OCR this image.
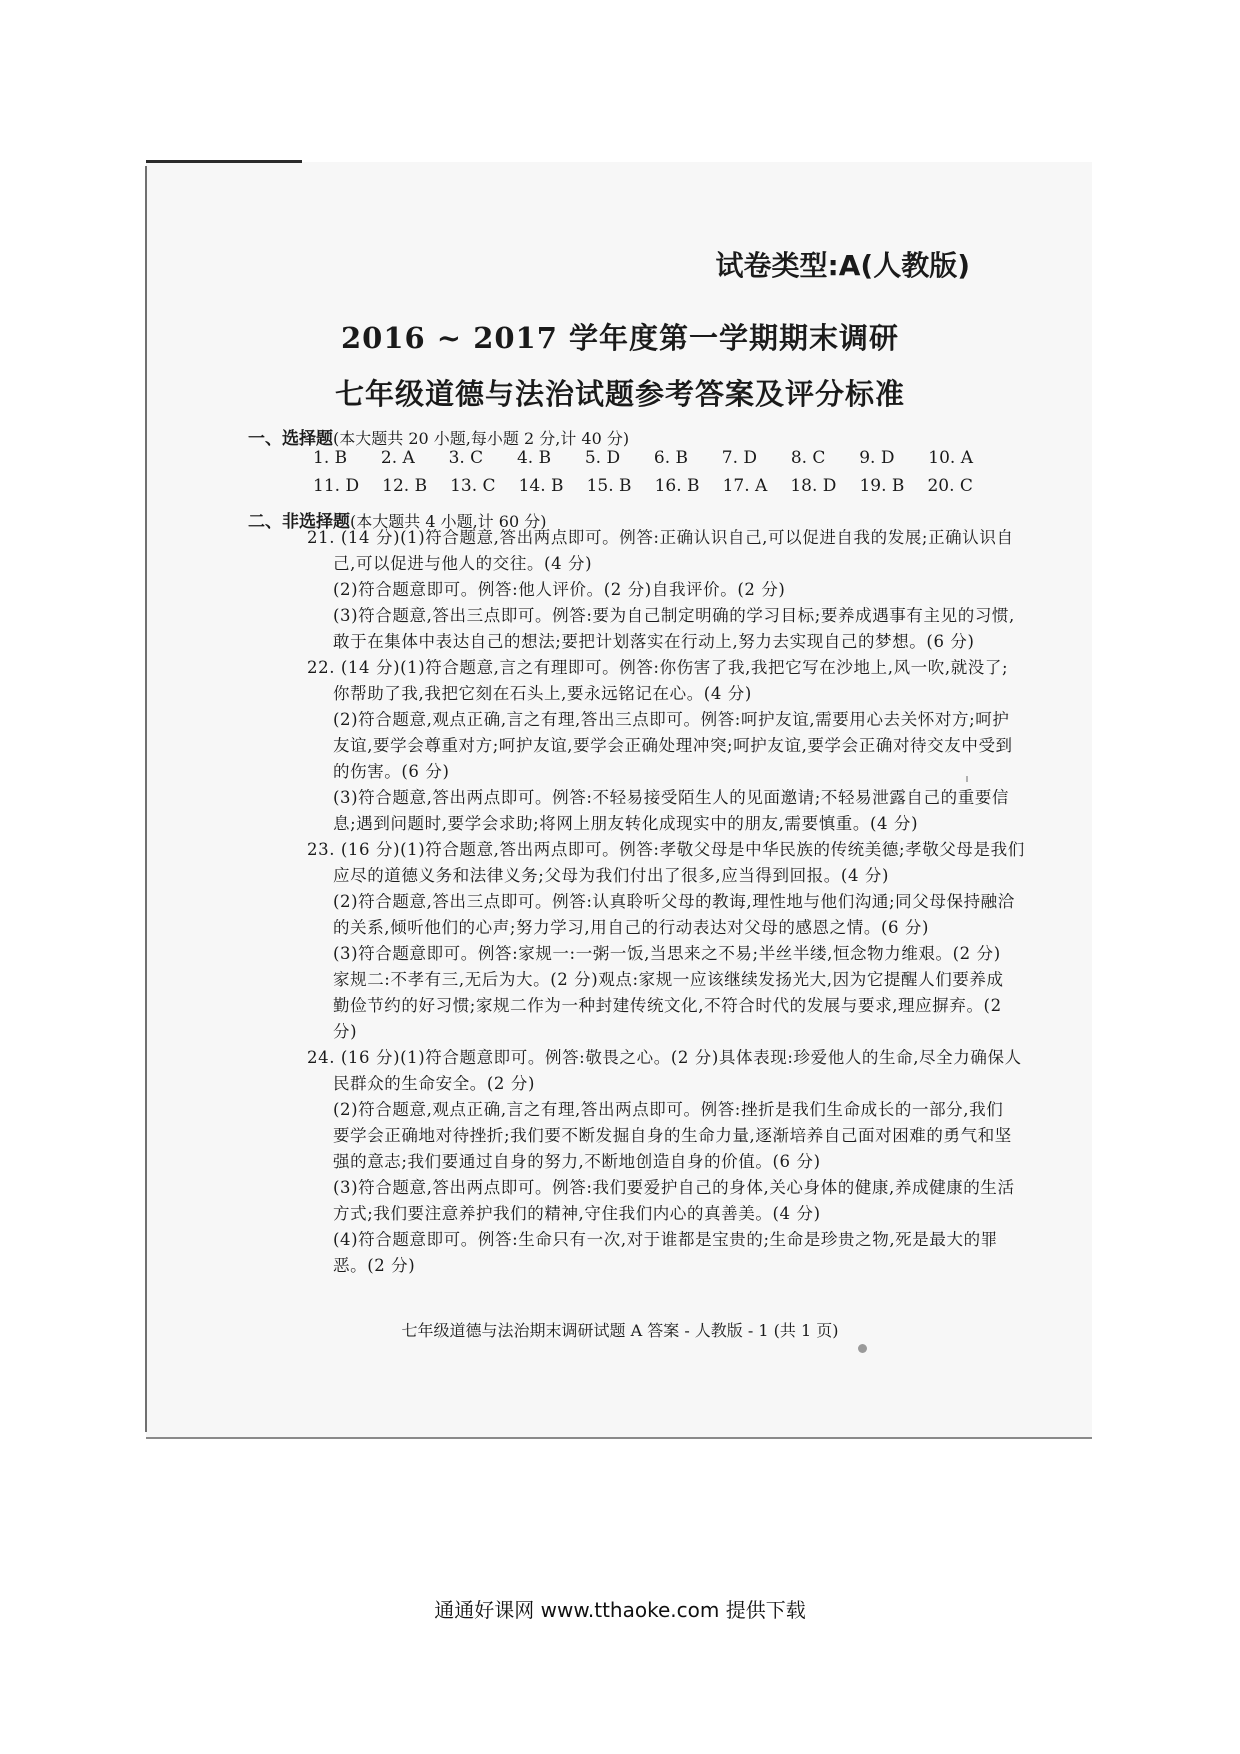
试卷类型:A(人教版)
2016 ~ 2017 学年度第一学期期末调研
七年级道德与法治试题参考答案及评分标准
一、选择题(本大题共 20 小题,每小题 2 分,计 40 分)
1. B 2. A 3. C 4. B 5. D 6. B 7. D 8. C 9. D 10. A
11. D 12. B 13. C 14. B 15. B 16. B 17. A 18. D 19. B 20. C
二、非选择题(本大题共 4 小题,计 60 分)
21. (14 分)(1)符合题意,答出两点即可。例答:正确认识自己,可以促进自我的发展;正确认识自
己,可以促进与他人的交往。(4 分)
(2)符合题意即可。例答:他人评价。(2 分)自我评价。(2 分)
(3)符合题意,答出三点即可。例答:要为自己制定明确的学习目标;要养成遇事有主见的习惯,
敢于在集体中表达自己的想法;要把计划落实在行动上,努力去实现自己的梦想。(6 分)
22. (14 分)(1)符合题意,言之有理即可。例答:你伤害了我,我把它写在沙地上,风一吹,就没了;
你帮助了我,我把它刻在石头上,要永远铭记在心。(4 分)
(2)符合题意,观点正确,言之有理,答出三点即可。例答:呵护友谊,需要用心去关怀对方;呵护
友谊,要学会尊重对方;呵护友谊,要学会正确处理冲突;呵护友谊,要学会正确对待交友中受到
的伤害。(6 分)
(3)符合题意,答出两点即可。例答:不轻易接受陌生人的见面邀请;不轻易泄露自己的重要信
息;遇到问题时,要学会求助;将网上朋友转化成现实中的朋友,需要慎重。(4 分)
23. (16 分)(1)符合题意,答出两点即可。例答:孝敬父母是中华民族的传统美德;孝敬父母是我们
应尽的道德义务和法律义务;父母为我们付出了很多,应当得到回报。(4 分)
(2)符合题意,答出三点即可。例答:认真聆听父母的教诲,理性地与他们沟通;同父母保持融洽
的关系,倾听他们的心声;努力学习,用自己的行动表达对父母的感恩之情。(6 分)
(3)符合题意即可。例答:家规一:一粥一饭,当思来之不易;半丝半缕,恒念物力维艰。(2 分)
家规二:不孝有三,无后为大。(2 分)观点:家规一应该继续发扬光大,因为它提醒人们要养成
勤俭节约的好习惯;家规二作为一种封建传统文化,不符合时代的发展与要求,理应摒弃。(2
分)
24. (16 分)(1)符合题意即可。例答:敬畏之心。(2 分)具体表现:珍爱他人的生命,尽全力确保人
民群众的生命安全。(2 分)
(2)符合题意,观点正确,言之有理,答出两点即可。例答:挫折是我们生命成长的一部分,我们
要学会正确地对待挫折;我们要不断发掘自身的生命力量,逐渐培养自己面对困难的勇气和坚
强的意志;我们要通过自身的努力,不断地创造自身的价值。(6 分)
(3)符合题意,答出两点即可。例答:我们要爱护自己的身体,关心身体的健康,养成健康的生活
方式;我们要注意养护我们的精神,守住我们内心的真善美。(4 分)
(4)符合题意即可。例答:生命只有一次,对于谁都是宝贵的;生命是珍贵之物,死是最大的罪
恶。(2 分)
七年级道德与法治期末调研试题 A 答案 - 人教版 - 1 (共 1 页)
通通好课网 www.tthaoke.com 提供下载
